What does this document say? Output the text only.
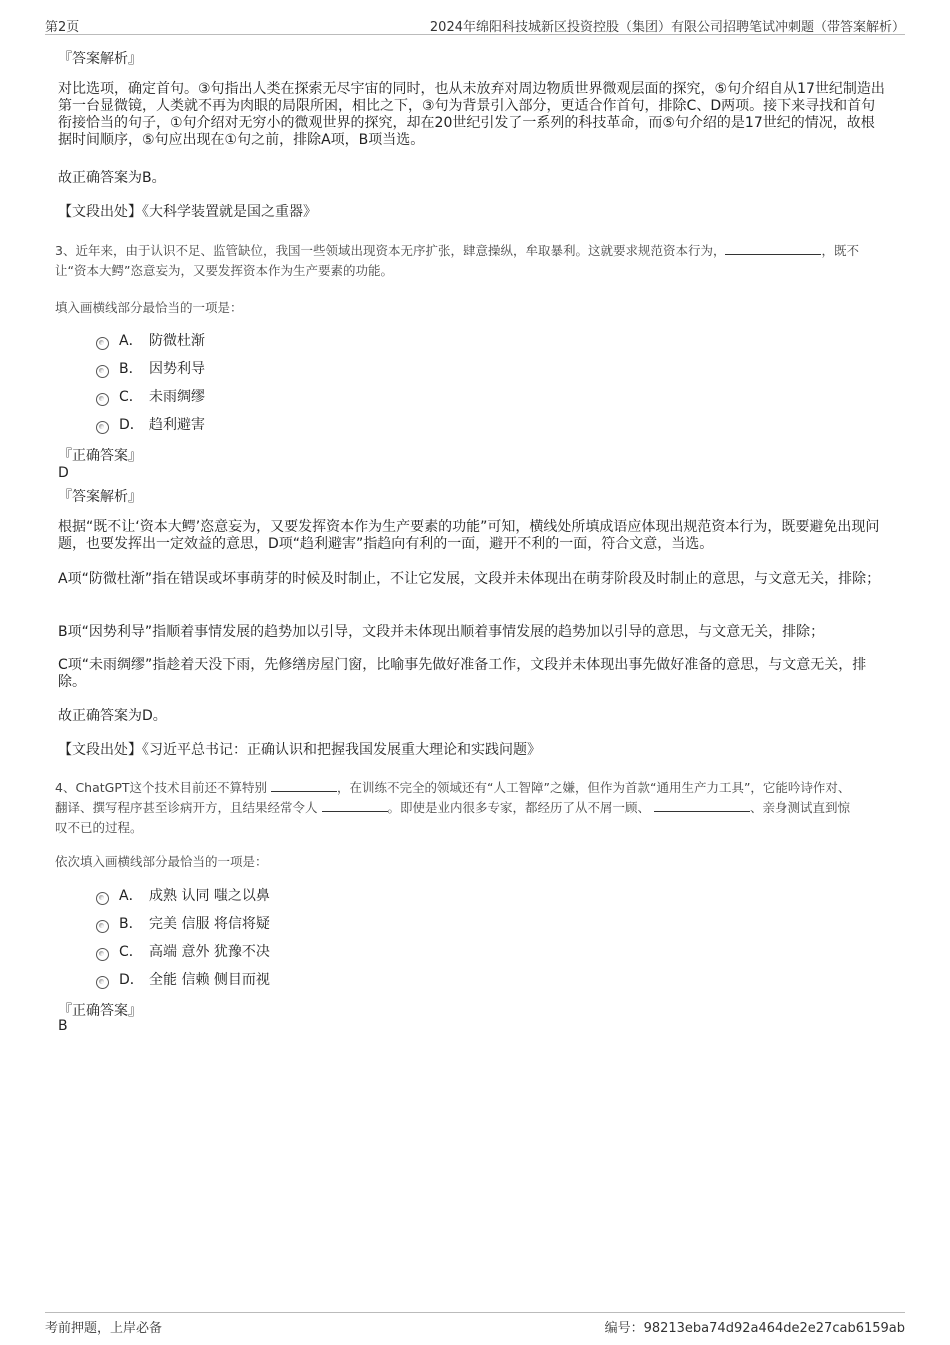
第2页	2024年绵阳科技城新区投资控股（集团）有限公司招聘笔试冲刺题（带答案解析）
『答案解析』
对比选项，确定首句。③句指出人类在探索无尽宇宙的同时，也从未放弃对周边物质世界微观层面的探究，⑤句介绍自从17世纪制造出第一台显微镜，人类就不再为肉眼的局限所困，相比之下，③句为背景引入部分，更适合作首句，排除C、D两项。接下来寻找和首句衔接恰当的句子，①句介绍对无穷小的微观世界的探究，却在20世纪引发了一系列的科技革命，而⑤句介绍的是17世纪的情况，故根据时间顺序，⑤句应出现在①句之前，排除A项，B项当选。
故正确答案为B。
【文段出处】《大科学装置就是国之重器》
3、近年来，由于认识不足、监管缺位，我国一些领域出现资本无序扩张，肆意操纵，牟取暴利。这就要求规范资本行为，	，既不让“资本大鳄”恣意妄为，又要发挥资本作为生产要素的功能。
填入画横线部分最恰当的一项是：
A． 防微杜渐
B． 因势利导
C． 未雨绸缪
D． 趋利避害
『正确答案』
D
『答案解析』
根据“既不让‘资本大鳄’恣意妄为，又要发挥资本作为生产要素的功能”可知，横线处所填成语应体现出规范资本行为，既要避免出现问题，也要发挥出一定效益的意思，D项“趋利避害”指趋向有利的一面，避开不利的一面，符合文意，当选。
A项“防微杜渐”指在错误或坏事萌芽的时候及时制止，不让它发展，文段并未体现出在萌芽阶段及时制止的意思，与文意无关，排除；
B项“因势利导”指顺着事情发展的趋势加以引导，文段并未体现出顺着事情发展的趋势加以引导的意思，与文意无关，排除；
C项“未雨绸缪”指趁着天没下雨，先修缮房屋门窗，比喻事先做好准备工作，文段并未体现出事先做好准备的意思，与文意无关，排除。
故正确答案为D。
【文段出处】《习近平总书记：正确认识和把握我国发展重大理论和实践问题》
4、ChatGPT这个技术目前还不算特别	，在训练不完全的领域还有“人工智障”之嫌，但作为首款“通用生产力工具”，它能吟诗作对、
翻译、撰写程序甚至诊病开方，且结果经常令人	。即使是业内很多专家，都经历了从不屑一顾、	、亲身测试直到惊
叹不已的过程。
依次填入画横线部分最恰当的一项是：
A． 成熟 认同 嗤之以鼻
B． 完美 信服 将信将疑
C． 高端 意外 犹豫不决
D． 全能 信赖 侧目而视
『正确答案』
B
考前押题，上岸必备	编号：98213eba74d92a464de2e27cab6159ab
